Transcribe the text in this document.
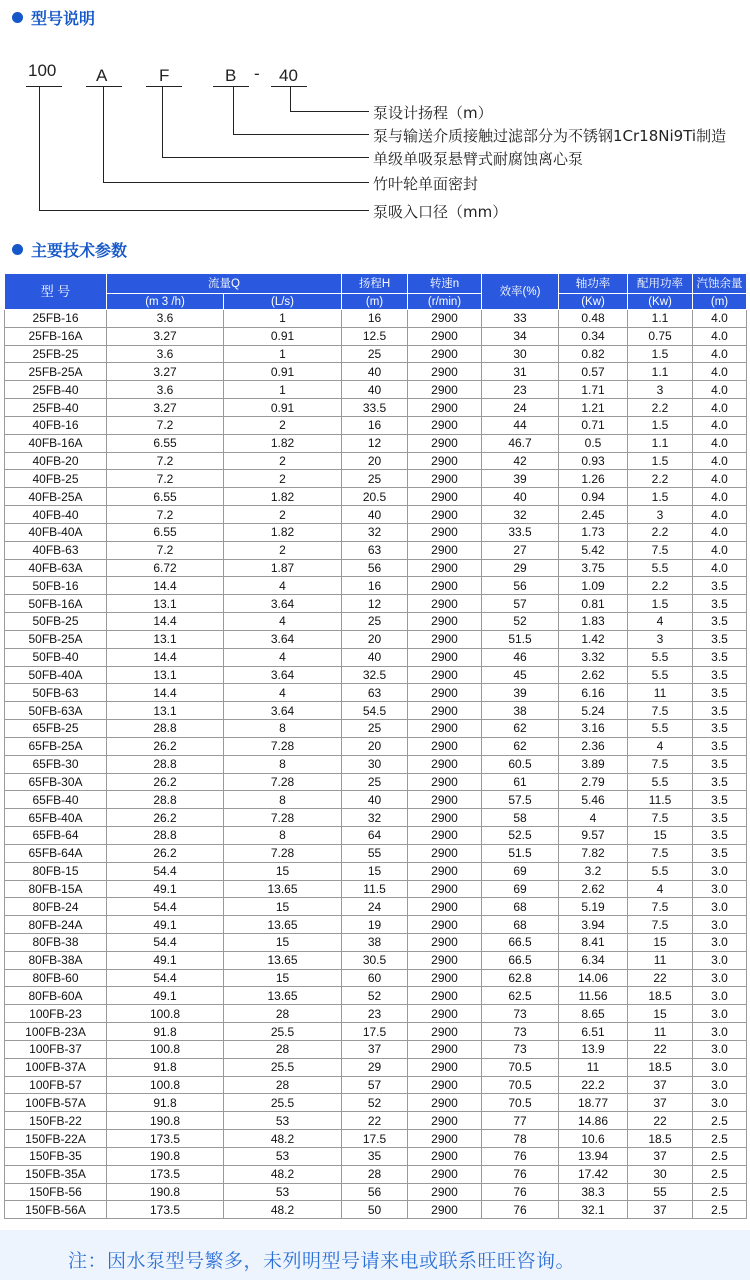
型号说明
100 A	F	B - 40
泵设计扬程（m）
泵与输送介质接触过滤部分为不锈钢1Cr18Ni9Ti制造
单级单吸泵悬臂式耐腐蚀离心泵
竹叶轮单面密封
泵吸入口径（mm）
主要技术参数
型 号	流量Q		扬程H	转速n	效率(%)	轴功率	配用功率	汽蚀余量
	(m 3 /h)	(L/s)	(m)	(r/min)		(Kw)	(Kw)	(m)
25FB-16	3.6	1	16	2900	33	0.48	1.1	4.0
25FB-16A	3.27	0.91	12.5	2900	34	0.34	0.75	4.0
25FB-25	3.6	1	25	2900	30	0.82	1.5	4.0
25FB-25A	3.27	0.91	40	2900	31	0.57	1.1	4.0
25FB-40	3.6	1	40	2900	23	1.71	3	4.0
25FB-40	3.27	0.91	33.5	2900	24	1.21	2.2	4.0
40FB-16	7.2	2	16	2900	44	0.71	1.5	4.0
40FB-16A	6.55	1.82	12	2900	46.7	0.5	1.1	4.0
40FB-20	7.2	2	20	2900	42	0.93	1.5	4.0
40FB-25	7.2	2	25	2900	39	1.26	2.2	4.0
40FB-25A	6.55	1.82	20.5	2900	40	0.94	1.5	4.0
40FB-40	7.2	2	40	2900	32	2.45	3	4.0
40FB-40A	6.55	1.82	32	2900	33.5	1.73	2.2	4.0
40FB-63	7.2	2	63	2900	27	5.42	7.5	4.0
40FB-63A	6.72	1.87	56	2900	29	3.75	5.5	4.0
50FB-16	14.4	4	16	2900	56	1.09	2.2	3.5
50FB-16A	13.1	3.64	12	2900	57	0.81	1.5	3.5
50FB-25	14.4	4	25	2900	52	1.83	4	3.5
50FB-25A	13.1	3.64	20	2900	51.5	1.42	3	3.5
50FB-40	14.4	4	40	2900	46	3.32	5.5	3.5
50FB-40A	13.1	3.64	32.5	2900	45	2.62	5.5	3.5
50FB-63	14.4	4	63	2900	39	6.16	11	3.5
50FB-63A	13.1	3.64	54.5	2900	38	5.24	7.5	3.5
65FB-25	28.8	8	25	2900	62	3.16	5.5	3.5
65FB-25A	26.2	7.28	20	2900	62	2.36	4	3.5
65FB-30	28.8	8	30	2900	60.5	3.89	7.5	3.5
65FB-30A	26.2	7.28	25	2900	61	2.79	5.5	3.5
65FB-40	28.8	8	40	2900	57.5	5.46	11.5	3.5
65FB-40A	26.2	7.28	32	2900	58	4	7.5	3.5
65FB-64	28.8	8	64	2900	52.5	9.57	15	3.5
65FB-64A	26.2	7.28	55	2900	51.5	7.82	7.5	3.5
80FB-15	54.4	15	15	2900	69	3.2	5.5	3.0
80FB-15A	49.1	13.65	11.5	2900	69	2.62	4	3.0
80FB-24	54.4	15	24	2900	68	5.19	7.5	3.0
80FB-24A	49.1	13.65	19	2900	68	3.94	7.5	3.0
80FB-38	54.4	15	38	2900	66.5	8.41	15	3.0
80FB-38A	49.1	13.65	30.5	2900	66.5	6.34	11	3.0
80FB-60	54.4	15	60	2900	62.8	14.06	22	3.0
80FB-60A	49.1	13.65	52	2900	62.5	11.56	18.5	3.0
100FB-23	100.8	28	23	2900	73	8.65	15	3.0
100FB-23A	91.8	25.5	17.5	2900	73	6.51	11	3.0
100FB-37	100.8	28	37	2900	73	13.9	22	3.0
100FB-37A	91.8	25.5	29	2900	70.5	11	18.5	3.0
100FB-57	100.8	28	57	2900	70.5	22.2	37	3.0
100FB-57A	91.8	25.5	52	2900	70.5	18.77	37	3.0
150FB-22	190.8	53	22	2900	77	14.86	22	2.5
150FB-22A	173.5	48.2	17.5	2900	78	10.6	18.5	2.5
150FB-35	190.8	53	35	2900	76	13.94	37	2.5
150FB-35A	173.5	48.2	28	2900	76	17.42	30	2.5
150FB-56	190.8	53	56	2900	76	38.3	55	2.5
150FB-56A	173.5	48.2	50	2900	76	32.1	37	2.5
注：因水泵型号繁多，未列明型号请来电或联系旺旺咨询。
